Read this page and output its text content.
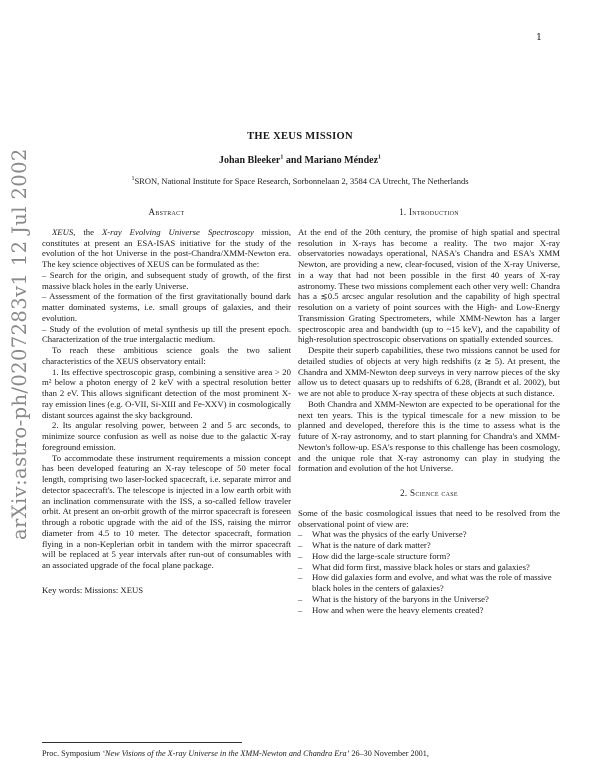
1
arXiv:astro-ph/0207283v1 12 Jul 2002
THE XEUS MISSION
Johan Bleeker$^1$ and Mariano Méndez$^1$
$^1$SRON, National Institute for Space Research, Sorbonnelaan 2, 3584 CA Utrecht, The Netherlands
Abstract

XEUS, the X-ray Evolving Universe Spectroscopy mission, constitutes at present an ESA-ISAS initiative for the study of the evolution of the hot Universe in the post-Chandra/XMM-Newton era. The key science objectives of XEUS can be formulated as the:

– Search for the origin, and subsequent study of growth, of the first massive black holes in the early Universe.

– Assessment of the formation of the first gravitationally bound dark matter dominated systems, i.e. small groups of galaxies, and their evolution.

– Study of the evolution of metal synthesis up till the present epoch. Characterization of the true intergalactic medium.

To reach these ambitious science goals the two salient characteristics of the XEUS observatory entail:

1. Its effective spectroscopic grasp, combining a sensitive area > 20 m² below a photon energy of 2 keV with a spectral resolution better than 2 eV. This allows significant detection of the most prominent X-ray emission lines (e.g. O-VII, Si-XIII and Fe-XXV) in cosmologically distant sources against the sky background.

2. Its angular resolving power, between 2 and 5 arc seconds, to minimize source confusion as well as noise due to the galactic X-ray foreground emission.

To accommodate these instrument requirements a mission concept has been developed featuring an X-ray telescope of 50 meter focal length, comprising two laser-locked spacecraft, i.e. separate mirror and detector spacecraft's. The telescope is injected in a low earth orbit with an inclination commensurate with the ISS, a so-called fellow traveler orbit. At present an on-orbit growth of the mirror spacecraft is foreseen through a robotic upgrade with the aid of the ISS, raising the mirror diameter from 4.5 to 10 meter. The detector spacecraft, formation flying in a non-Keplerian orbit in tandem with the mirror spacecraft will be replaced at 5 year intervals after run-out of consumables with an associated upgrade of the focal plane package.

Key words: Missions: XEUS

1. Introduction

At the end of the 20th century, the promise of high spatial and spectral resolution in X-rays has become a reality. The two major X-ray observatories nowadays operational, NASA's Chandra and ESA's XMM Newton, are providing a new, clear-focused, vision of the X-ray Universe, in a way that had not been possible in the first 40 years of X-ray astronomy. These two missions complement each other very well: Chandra has a ≲0.5 arcsec angular resolution and the capability of high spectral resolution on a variety of point sources with the High- and Low-Energy Transmission Grating Spectrometers, while XMM-Newton has a larger spectroscopic area and bandwidth (up to ~15 keV), and the capability of high-resolution spectroscopic observations on spatially extended sources.

Despite their superb capabilities, these two missions cannot be used for detailed studies of objects at very high redshifts (z ≳ 5). At present, the Chandra and XMM-Newton deep surveys in very narrow pieces of the sky allow us to detect quasars up to redshifts of 6.28, (Brandt et al. 2002), but we are not able to produce X-ray spectra of these objects at such distance.

Both Chandra and XMM-Newton are expected to be operational for the next ten years. This is the typical timescale for a new mission to be planned and developed, therefore this is the time to assess what is the future of X-ray astronomy, and to start planning for Chandra's and XMM-Newton's follow-up. ESA's response to this challenge has been cosmology, and the unique role that X-ray astronomy can play in studying the formation and evolution of the hot Universe.

2. Science case

Some of the basic cosmological issues that need to be resolved from the observational point of view are:

–	What was the physics of the early Universe?
–	What is the nature of dark matter?
–	How did the large-scale structure form?
–	What did form first, massive black holes or stars and galaxies?
–	How did galaxies form and evolve, and what was the role of massive black holes in the centers of galaxies?
–	What is the history of the baryons in the Universe?
–	How and when were the heavy elements created?
Proc. Symposium ‘New Visions of the X-ray Universe in the XMM-Newton and Chandra Era’ 26–30 November 2001,
